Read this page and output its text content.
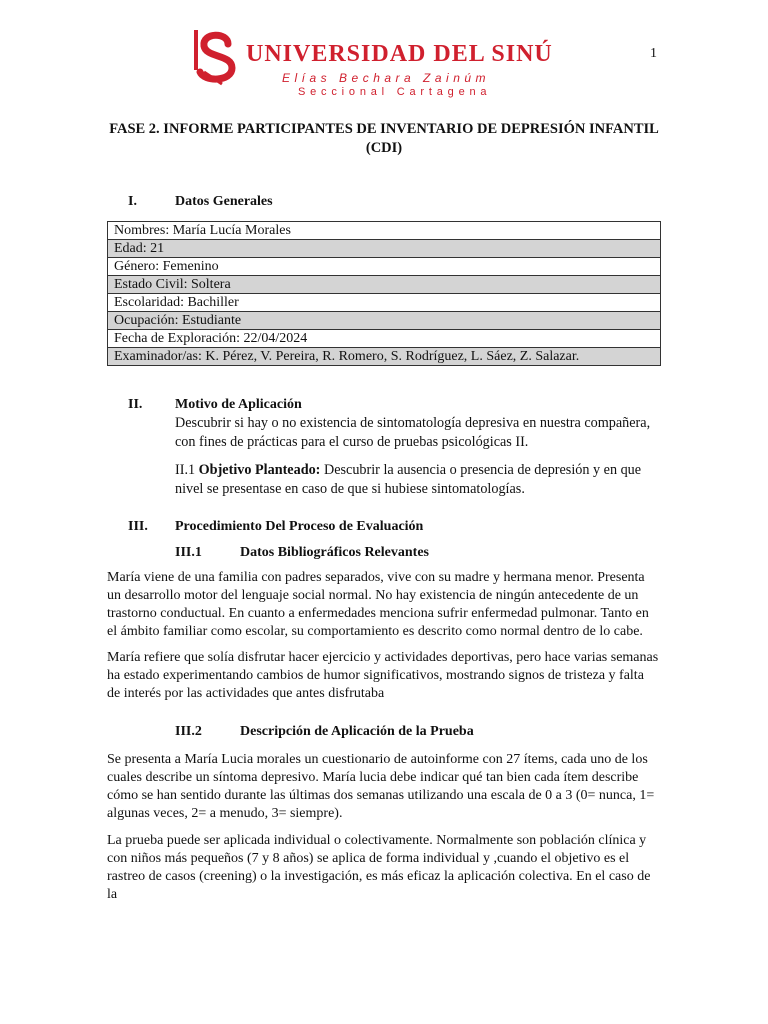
1
UNIVERSIDAD DEL SINÚ
Elías Bechara Zainúm
Seccional Cartagena
FASE 2. INFORME PARTICIPANTES DE INVENTARIO DE DEPRESIÓN INFANTIL (CDI)
I.	Datos Generales
Nombres: María Lucía Morales
Edad: 21
Género: Femenino
Estado Civil: Soltera
Escolaridad: Bachiller
Ocupación: Estudiante
Fecha de Exploración: 22/04/2024
Examinador/as: K. Pérez, V. Pereira, R. Romero, S. Rodríguez, L. Sáez, Z. Salazar.
II. Motivo de Aplicación
Descubrir si hay o no existencia de sintomatología depresiva en nuestra compañera, con fines de prácticas para el curso de pruebas psicológicas II.
II.1 Objetivo Planteado: Descubrir la ausencia o presencia de depresión y en que nivel se presentase en caso de que si hubiese sintomatologías.
III. Procedimiento Del Proceso de Evaluación
III.1	Datos Bibliográficos Relevantes
María viene de una familia con padres separados, vive con su madre y hermana menor. Presenta un desarrollo motor del lenguaje social normal. No hay existencia de ningún antecedente de un trastorno conductual. En cuanto a enfermedades menciona sufrir enfermedad pulmonar. Tanto en el ámbito familiar como escolar, su comportamiento es descrito como normal dentro de lo cabe.
María refiere que solía disfrutar hacer ejercicio y actividades deportivas, pero hace varias semanas ha estado experimentando cambios de humor significativos, mostrando signos de tristeza y falta de interés por las actividades que antes disfrutaba
III.2	Descripción de Aplicación de la Prueba
Se presenta a María Lucia morales un cuestionario de autoinforme con 27 ítems, cada uno de los cuales describe un síntoma depresivo. María lucia debe indicar qué tan bien cada ítem describe cómo se han sentido durante las últimas dos semanas utilizando una escala de 0 a 3 (0= nunca, 1= algunas veces, 2= a menudo, 3= siempre).
La prueba puede ser aplicada individual o colectivamente. Normalmente son población clínica y con niños más pequeños (7 y 8 años) se aplica de forma individual y ,cuando el objetivo es el rastreo de casos (creening) o la investigación, es más eficaz la aplicación colectiva. En el caso de la
